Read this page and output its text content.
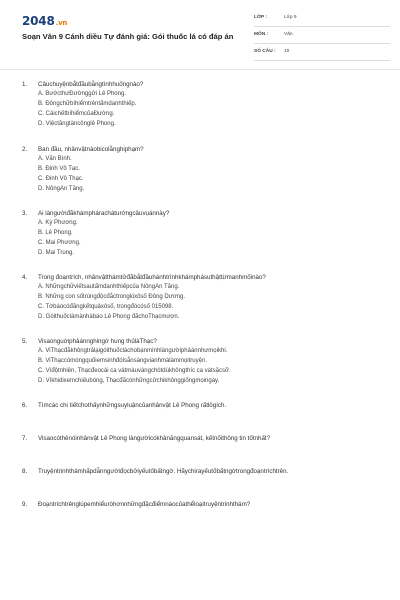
2048.vn
Soạn Văn 9 Cánh diều Tự đánh giá: Gói thuốc lá có đáp án
LỚP :	Lớp 9
MÔN :	Văn
SỐ CÂU : 10
1.	Câuchuyệnbắtđầubằngtìnhhuốngnào?
A. BướcthưĐườnggửi Lê Phong.
B. Đôngchữbíhiểmtrêntấmdanhthiếp.
C. CáichếtbíhiểmcủaĐường.
D. Việctăngtàncônglê Phong.
2.	Ban đầu, nhânvậtnàobicolằnghiphạm?
A. Văn Bình.
B. Đinh Vô Tạc.
C. Đinh Vô Thạc.
D. NôngAn Tăng.
3.	Ai làngườiđãkhámpháracháturớngcâuvụánnày?
A. Kỳ Phương.
B. Lê Phong.
C. Mai Phương.
D. Mai Trung.
4.	Trong đoạntrích, nhânvậtthámtửđãbắtđầuhànhtrìnhkhámphásuthậttừmanhmốinào?
A. Nhữngchữviếtsautấmdanhthiếpcủa NôngAn Tăng.
B. Những con sốtrùngđộcđắctrongkixôsố Đông Dương.
C. Tờbáocóđăngkếtquảxôsố, trongđócósố 015098.
D. Góithuốclámànhàbáo Lê Phong đãchoThạcmượn.
5.	Visaonguờiphảánnghingờ hung thủlàThạc?
A. ViThạcđãkhôngtrảlạigóithuốclàchobạnmìnhlàngườiphảánnhưmọikhi.
B. ViThạccómóngquốiemsinhđóisắnsàngvianhmàlàmmọitruyện.
C. Vìđộtnhiên, Thạcđeocái ca vátmàuvàngchótdùkhôngthíc ca vátsặcsỡ.
D. Vìkhidixemchiếubóng, Thạcđãcónhữngcửchikhônggiốngmọingày.
6.	Tìmcác chi tiếtchothấynhữngsuyluậncủanhânvật Lê Phong rấtlôgích.
7.	Visaocóthênóinhânvật Lê Phong làngườicókhảnăngquansát, kếtnốithông tin tốtnhất?
8.	Truyệntrinhthámhấpdẫnngườiđọcbởiyếutốbấtngờ. Hãychirayếutốbấtngờtrongđoạntríchtrên.
9.	Đoạntríchtrênglúpemhiểuròhơnnhữngđặcđiểmnàocủathểloạitruyệntrinhthám?
